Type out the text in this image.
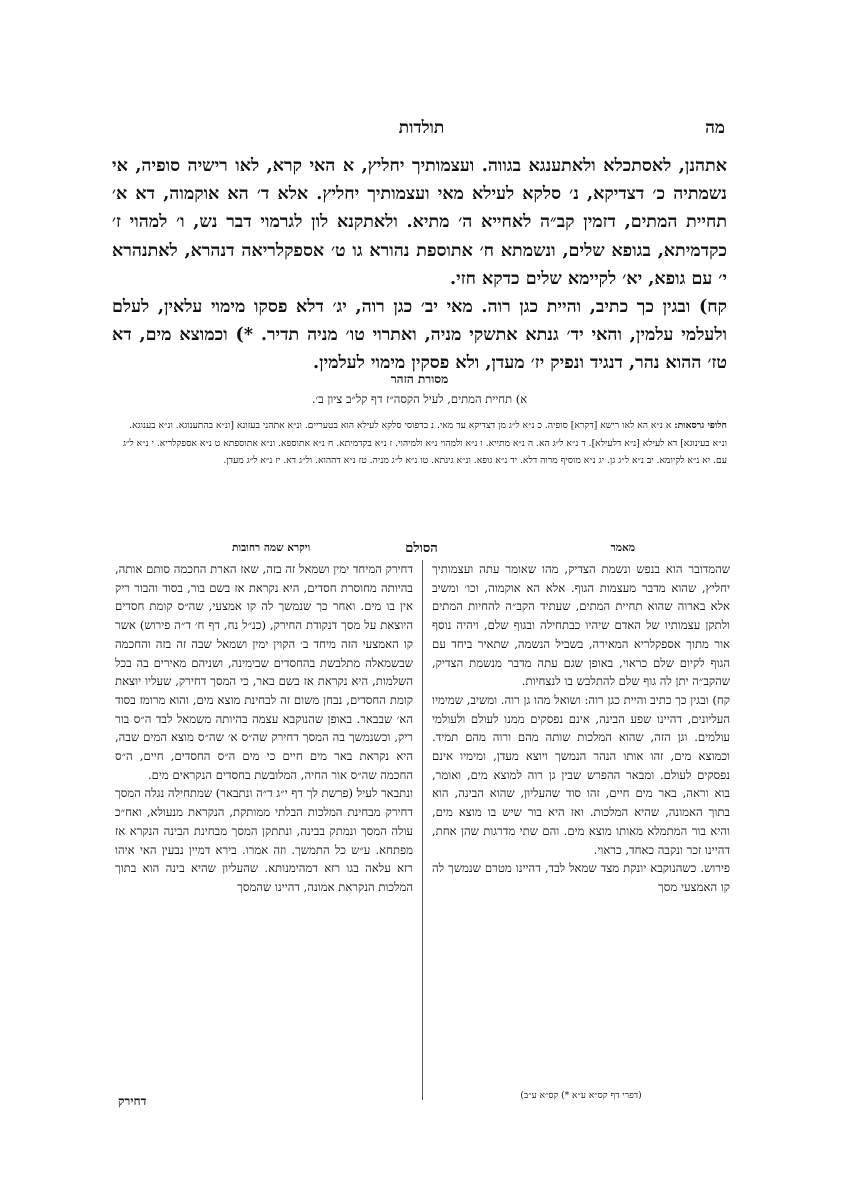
תולדות	מה

אתהנן, לאסתכלא ולאתענגא בגווה. ועצמותיך יחליץ, ﬡ האי קרא, לאו רישיה סופיה, אי נשמתיה כ׳ דצדיקא, נ׳ סלקא לעילא מאי ועצמותיך יחליץ. אלא ד׳ הא אוקמוה, דא א׳ תחיית המתים, דזמין קב״ה לאחייא ה׳ מתיא. ולאתקנא לון לגרמוי דבר נש, ו׳ למהוי ז׳ כקדמיתא, בגופא שלים, ונשמתא ח׳ אתוספת נהורא גו ט׳ אספקלריאה דנהרא, לאתנהרא י׳ עם גופא, יא׳ לקיימא שלים כדקא חזי.

קח) ובגין כך כתיב, והיית כגן רוה. מאי יב׳ כגן רוה, יג׳ דלא פסקו מימוי עלאין, לעלם ולעלמי עלמין, והאי יד׳ גנתא אתשקי מניה, ואתרוי טו׳ מניה תדיר. *) וכמוצא מים, דא טז׳ ההוא נהר, דנגיד ונפיק יז׳ מעדן, ולא פסקין מימוי לעלמין.

מסורת הזהר
א) תחיית המתים, לעיל הקסה״ז דף קל״ב ציון ב׳.

חלופי גרסאות: ﬡ נ״א הא לאו רישא [דקרא] סופיה. כ נ״א ל״ג מן דצדיקא עד מאי. נ בדפוסי סלקא לעילא הוא בטעריים. ונ״א אתהני בעזונא [ונ״א בהתענוגא. ונ״א בענוגא. ונ״א בעינוגא] דא לעילא [נ״א דלעילא]. ד נ״א ל״ג הא. ה נ״א מתייא. ו נ״א ולמהוי נ״א ולמיהוי. ז נ״א בקדמיתא. ח נ״א אתוספא. ונ״א אתוספתא ט נ״א אספקלריא. י נ״א ל״ג עם. יא נ״א לקיומא. יב נ״א ל״ג גן. יג נ״א מוסיף מרוה דלא. יד נ״א גופא. ונ״א גינתא. טו נ״א ל״ג מניה. טז נ״א דההוא. ול״ג דא. יז נ״א ל״ג מעדן.

מאמר
הסולם
ויקרא שמה רחובות

שהמדובר הוא בנפש ונשמת הצדיק, מהו שאומר עתה ועצמותיך יחליץ, שהוא מדבר מעצמות הגוף. אלא הא אוקמוה, וכו׳ ומשיב אלא בארוה שהוא תחיית המתים, שעתיד הקב״ה להחיות המתים ולתקן עצמותיו של האדם שיהיו כבתחילה ובגוף שלם, ויהיה נוסף אור מתוך אספקלריא המאירה, בשביל הנשמה, שתאיר ביחד עם הגוף לקיום שלם כראוי, באופן שגם עתה מדבר מנשמת הצדיק, שהקב״ה יתן לה גוף שלם להתלבש בו לנצחיות.

קח) ובגין כך כתיב והיית כגן רוה: ושואל מהו גן רוה. ומשיב, שמימיו העליונים, דהיינו שפע הבינה, אינם נפסקים ממנו לעולם ולעולמי עולמים. וגן הזה, שהוא המלכות שותה מהם ורוה מהם תמיד. וכמוצא מים, זהו אותו הנהר הנמשך ויוצא מעדן, ומימיו אינם נפסקים לעולם. ומבאר ההפרש שבין גן רוה למוצא מים, ואומר, בוא וראה, באר מים חיים, זהו סוד שהעליון, שהוא הבינה, הוא בתוך האמונה, שהיא המלכות. ואז היא בור שיש בו מוצא מים, והיא בור המתמלא מאותו מוצא מים. והם שתי מדרגות שהן אחת, דהיינו זכר ונקבה כאחד, כראוי.

פירוש. כשהנוקבא יונקת מצד שמאל לבד, דהיינו מטרם שנמשך לה קו האמצעי מסך

דחירק המיחד ימין ושמאל זה בזה, שאז הארת החכמה סותם אותה, בהיותה מחוסרת חסדים, היא נקראת אז בשם בור, בסוד והבור ריק אין בו מים. ואחר כך שנמשך לה קו אמצעי, שה״ס קומת חסדים היוצאת על מסך דנקודת החירק, (כנ״ל נח, דף ח׳ ד״ה פירוש) אשר קו האמצעי הזה מיחד ב׳ הקוין ימין ושמאל שבה זה בזה והחכמה שבשמאלה מתלבשת בהחסדים שבימינה, ושניהם מאירים בה בכל השלמות, היא נקראת אז בשם באר, כי המסך דחירק, שעליו יוצאת קומת החסדים, נבחן משום זה לבחינת מוצא מים, והוא מרומז בסוד הא׳ שבבאר. באופן שהנוקבא עצמה בהיותה משמאל לבד ה״ס בור ריק, וכשנמשך בה המסך דחירק שה״ס א׳ שה״ס מוצא המים שבה, היא נקראת באר מים חיים כי מים ה״ס החסדים, חיים, ה״ס החכמה שה״ס אור החיה, המלובשת בחסדים הנקראים מים.

ונתבאר לעיל (פרשת לך דף י״ג ד״ה ונתבאר) שמתחילה נגלה המסך דחירק מבחינת המלכות הבלתי ממותקת, הנקראת מנעולא, ואח״כ עולה המסך ונמתק בבינה, ונתתקן המסך מבחינת הבינה הנקרא אז מפתחא. ע״ש כל התמשך. וזה אמרו. בירא דמיין נבעין האי איהו רזא עלאה בגו רזא דמהימנותא. שהעליון שהיא בינה הוא בתוך המלכות הנקראת אמונה, דהיינו שהמסך

(דפרי דף קס״א ע״א *) קס״א ע״ב)
דחירק
